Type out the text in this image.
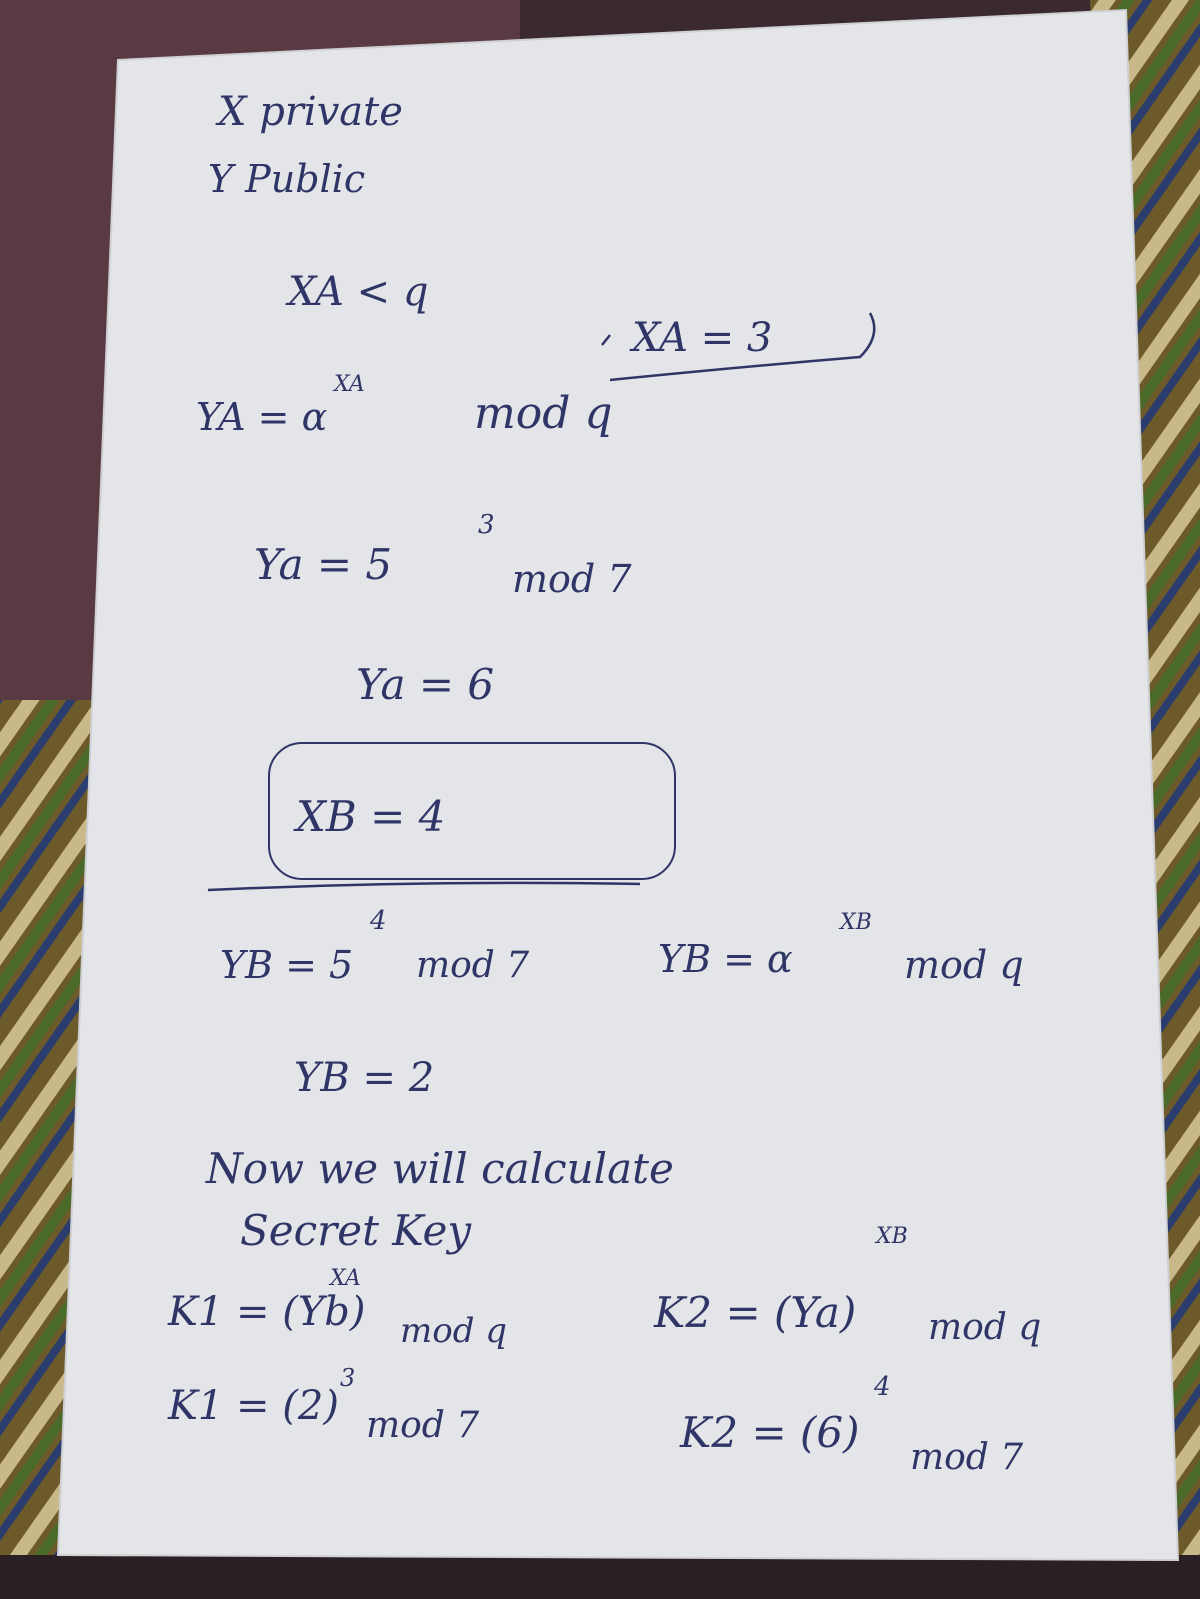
X private
Y Public
XA < q
XA = 3
YA = α
XA
mod q
Ya = 5
3
mod 7
Ya = 6
XB = 4
YB = 5
4
mod 7	YB = α
XB
mod q
YB = 2
Now we will calculate
Secret Key
K1 = (Yb)
XA
mod q	K2 = (Ya)
XB
mod q
K1 = (2)
3
mod 7	K2 = (6)
4
mod 7
